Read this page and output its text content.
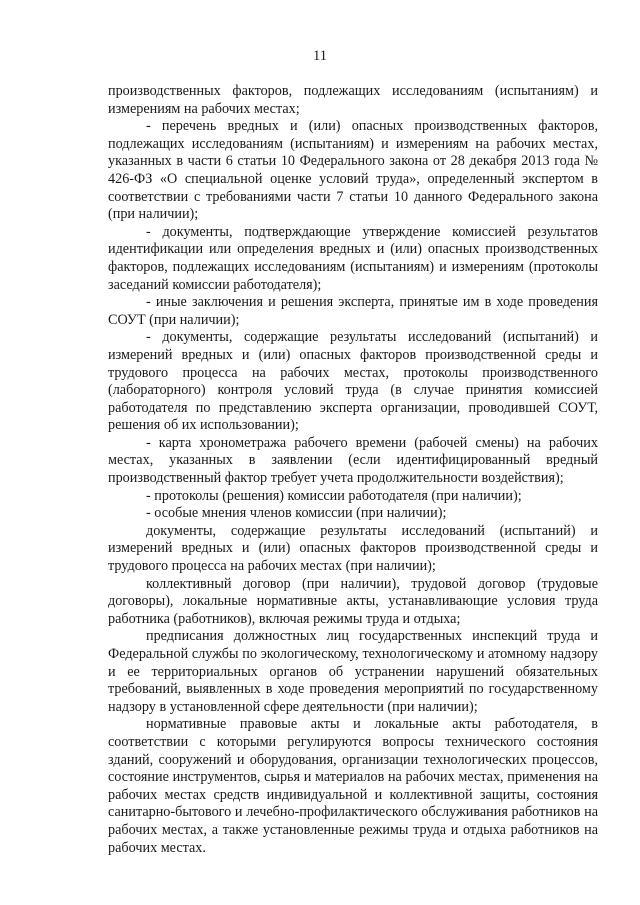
11

производственных факторов, подлежащих исследованиям (испытаниям) и измерениям на рабочих местах;

- перечень вредных и (или) опасных производственных факторов, подлежащих исследованиям (испытаниям) и измерениям на рабочих местах, указанных в части 6 статьи 10 Федерального закона от 28 декабря 2013 года № 426-ФЗ «О специальной оценке условий труда», определенный экспертом в соответствии с требованиями части 7 статьи 10 данного Федерального закона (при наличии);

- документы, подтверждающие утверждение комиссией результатов идентификации или определения вредных и (или) опасных производственных факторов, подлежащих исследованиям (испытаниям) и измерениям (протоколы заседаний комиссии работодателя);

- иные заключения и решения эксперта, принятые им в ходе проведения СОУТ (при наличии);

- документы, содержащие результаты исследований (испытаний) и измерений вредных и (или) опасных факторов производственной среды и трудового процесса на рабочих местах, протоколы производственного (лабораторного) контроля условий труда (в случае принятия комиссией работодателя по представлению эксперта организации, проводившей СОУТ, решения об их использовании);

- карта хронометража рабочего времени (рабочей смены) на рабочих местах, указанных в заявлении (если идентифицированный вредный производственный фактор требует учета продолжительности воздействия);

- протоколы (решения) комиссии работодателя (при наличии);

- особые мнения членов комиссии (при наличии);

документы, содержащие результаты исследований (испытаний) и измерений вредных и (или) опасных факторов производственной среды и трудового процесса на рабочих местах (при наличии);

коллективный договор (при наличии), трудовой договор (трудовые договоры), локальные нормативные акты, устанавливающие условия труда работника (работников), включая режимы труда и отдыха;

предписания должностных лиц государственных инспекций труда и Федеральной службы по экологическому, технологическому и атомному надзору и ее территориальных органов об устранении нарушений обязательных требований, выявленных в ходе проведения мероприятий по государственному надзору в установленной сфере деятельности (при наличии);

нормативные правовые акты и локальные акты работодателя, в соответствии с которыми регулируются вопросы технического состояния зданий, сооружений и оборудования, организации технологических процессов, состояние инструментов, сырья и материалов на рабочих местах, применения на рабочих местах средств индивидуальной и коллективной защиты, состояния санитарно-бытового и лечебно-профилактического обслуживания работников на рабочих местах, а также установленные режимы труда и отдыха работников на рабочих местах.
